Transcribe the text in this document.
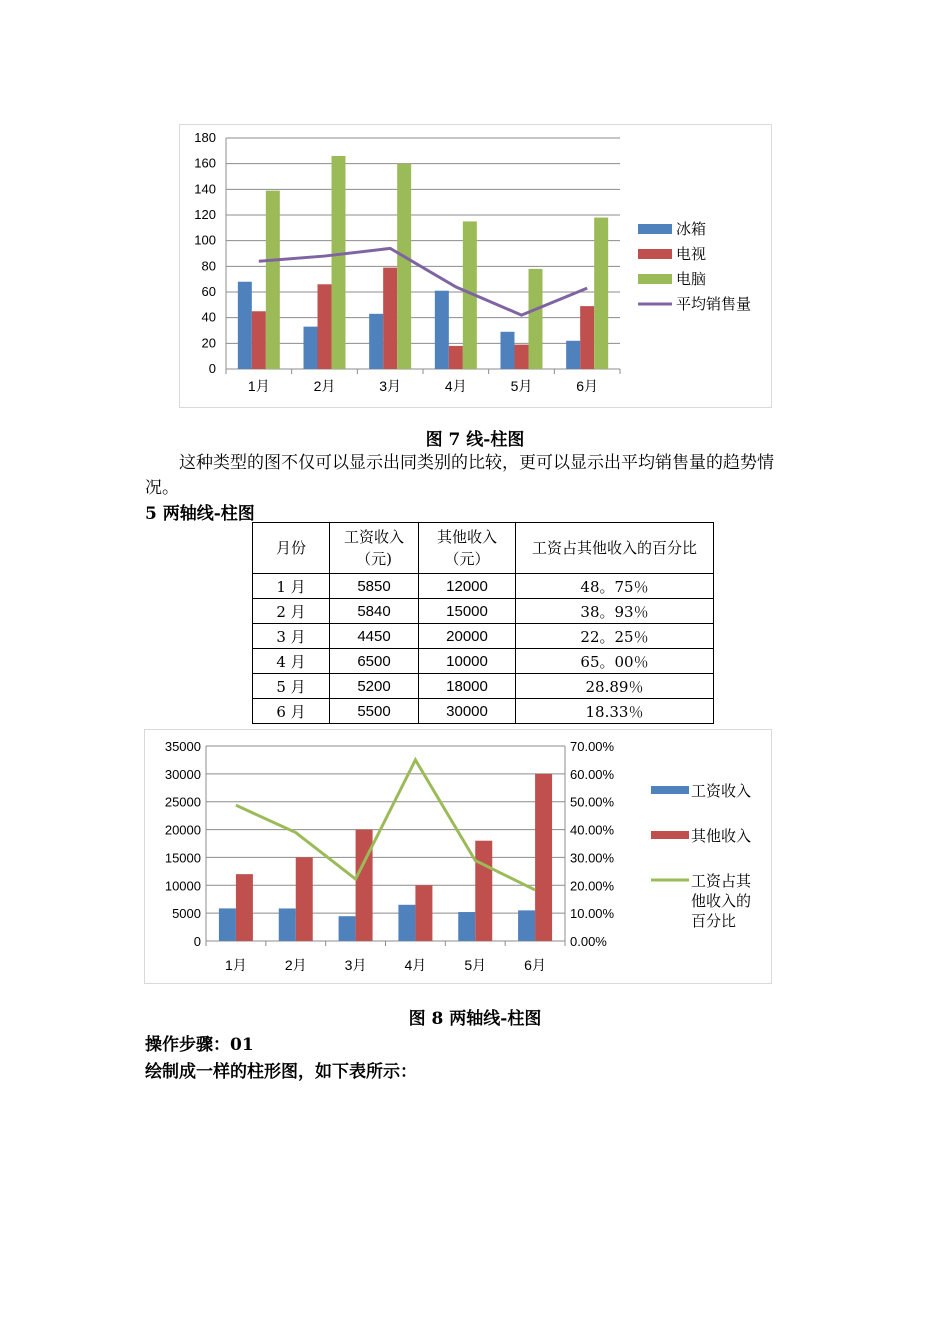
0
20
40
60
80
100
120
140
160
180
1月	2月	3月	4月	5月	6月
冰箱
电视
电脑
平均销售量
图 7 线-柱图
这种类型的图不仅可以显示出同类别的比较，更可以显示出平均销售量的趋势情况。
5 两轴线-柱图
月份	工资收入（元)	其他收入（元）	工资占其他收入的百分比
1 月	5850	12000	48。75％
2 月	5840	15000	38。93％
3 月	4450	20000	22。25％
4 月	6500	10000	65。00％
5 月	5200	18000	28.89％
6 月	5500	30000	18.33％
0	0.00%
5000	10.00%
10000	20.00%
15000	30.00%
20000	40.00%
25000	50.00%
30000	60.00%
35000	70.00%
1月	2月	3月	4月	5月	6月
工资收入
其他收入
工资占其
他收入的
百分比
图 8 两轴线-柱图
操作步骤：01
绘制成一样的柱形图，如下表所示：
